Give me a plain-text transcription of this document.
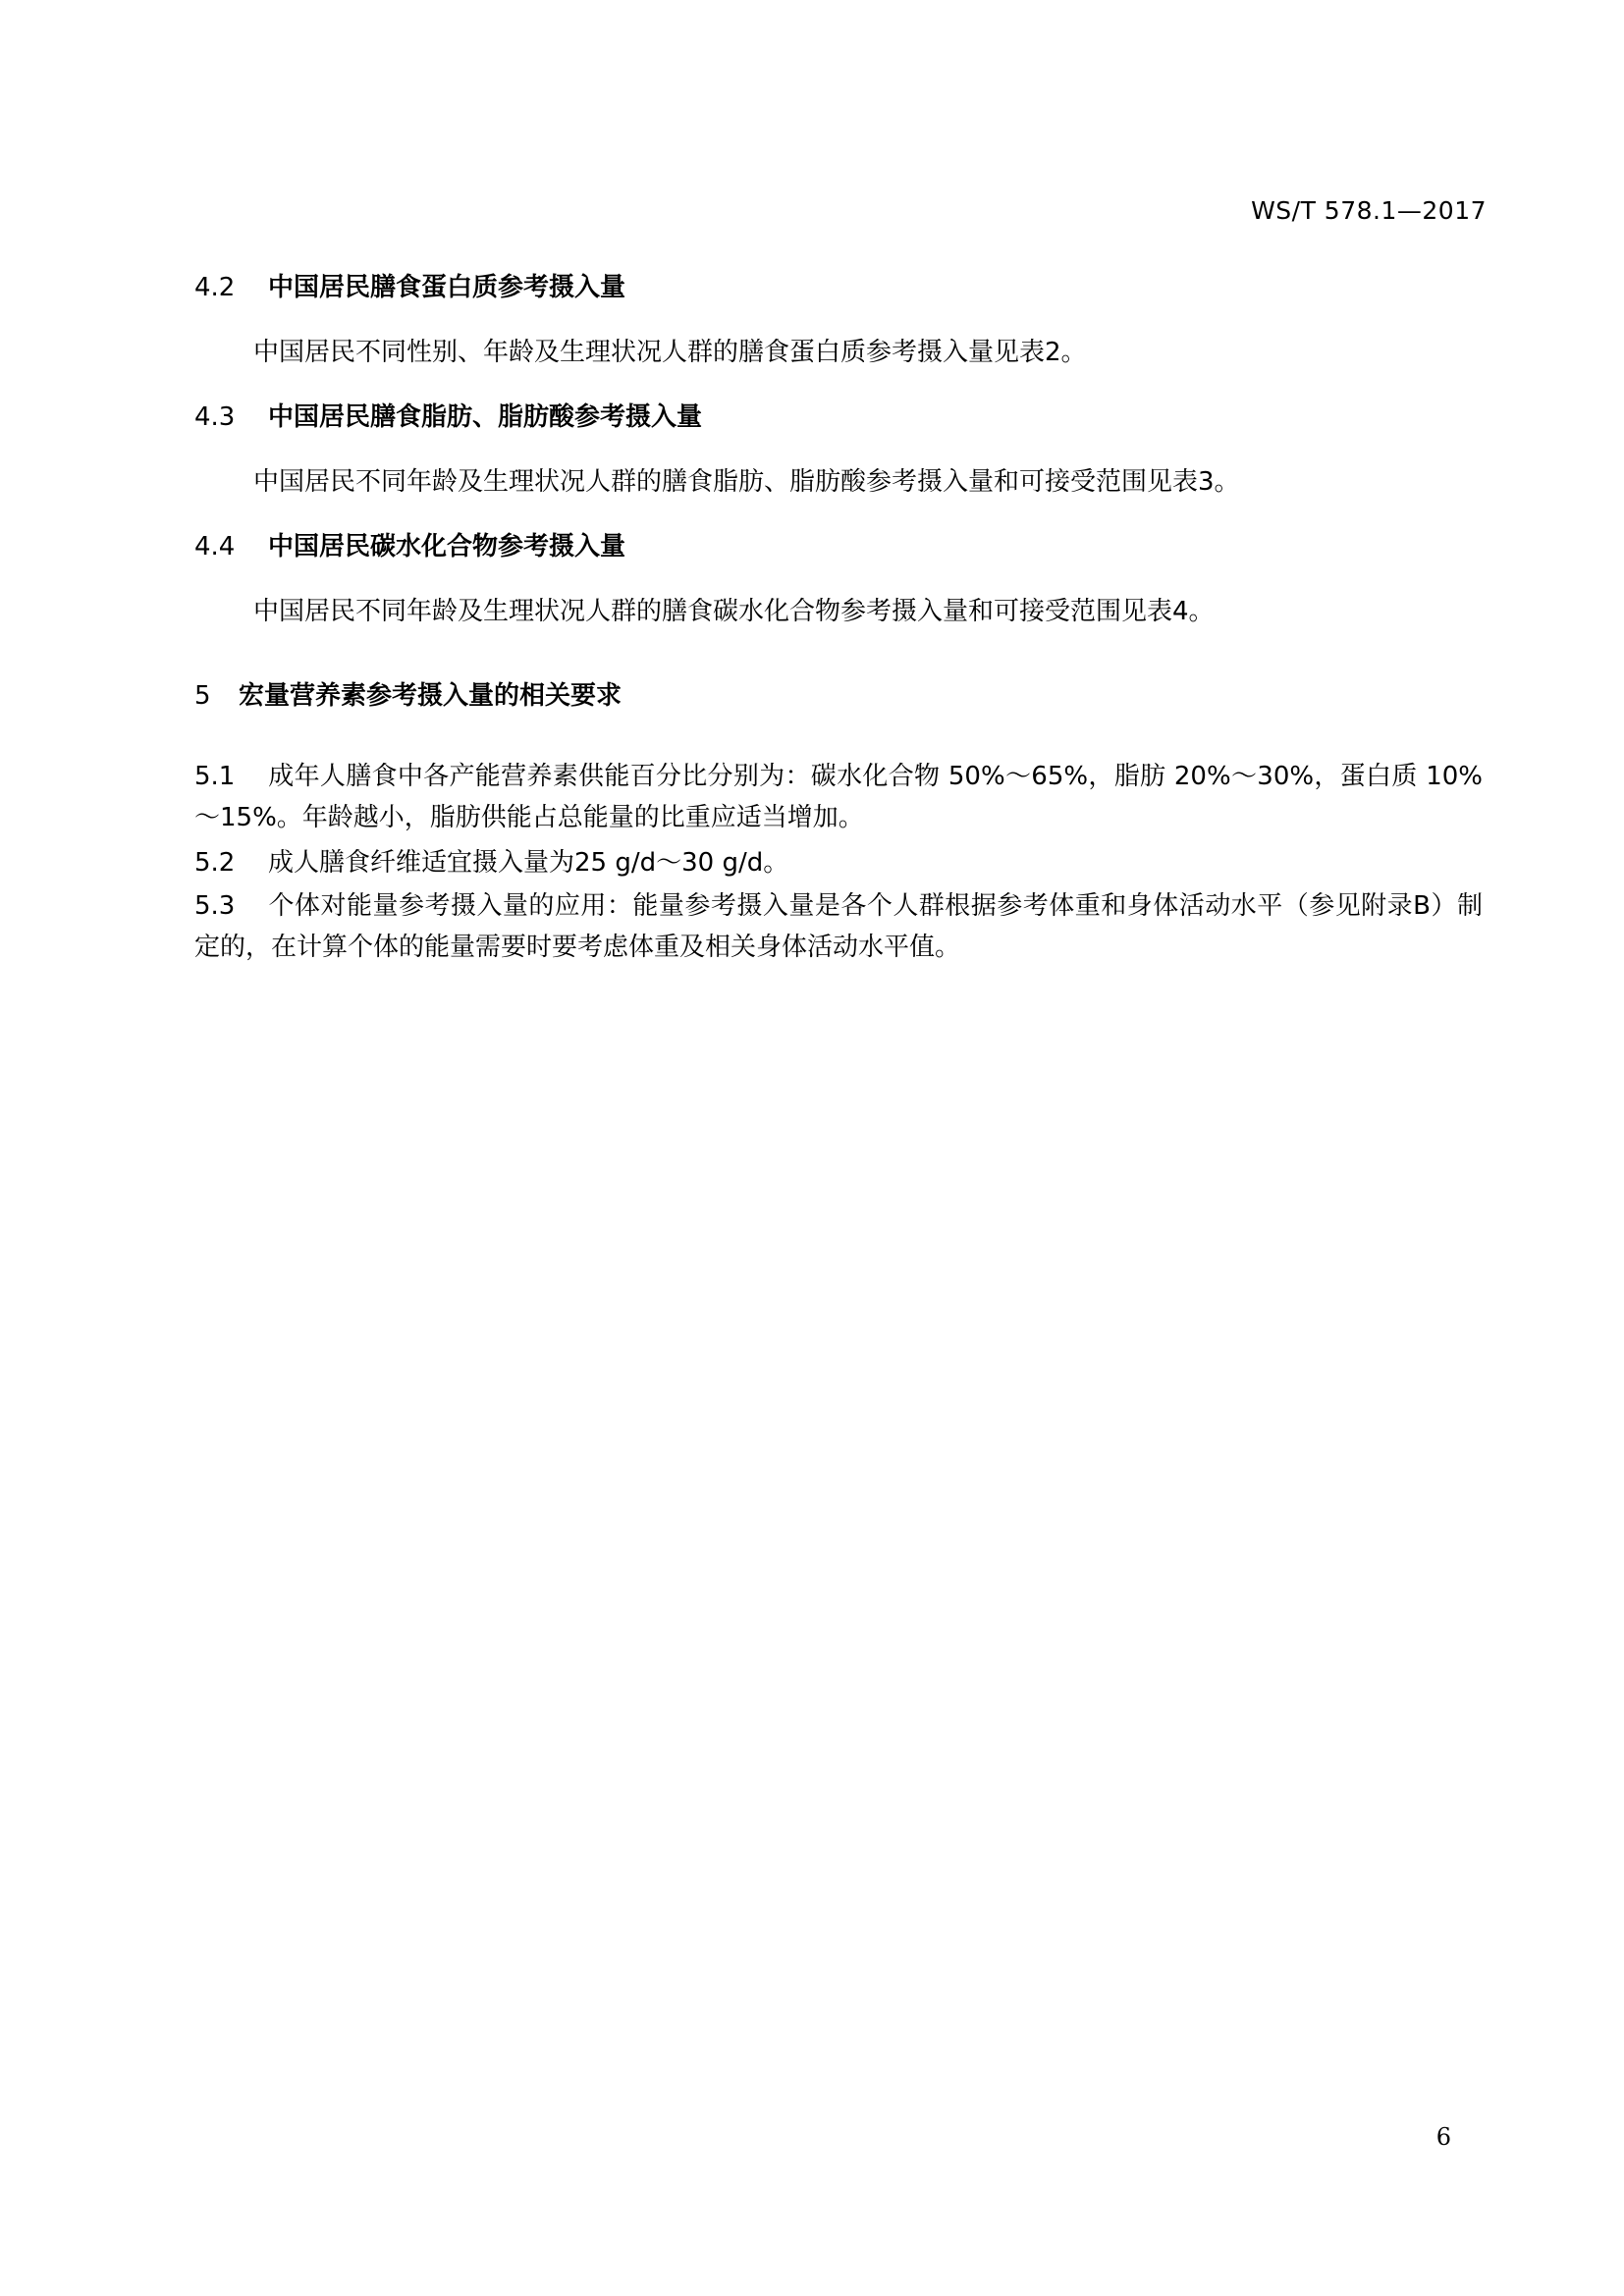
WS/T 578.1—2017
4.2 中国居民膳食蛋白质参考摄入量
中国居民不同性别、年龄及生理状况人群的膳食蛋白质参考摄入量见表2。
4.3 中国居民膳食脂肪、脂肪酸参考摄入量
中国居民不同年龄及生理状况人群的膳食脂肪、脂肪酸参考摄入量和可接受范围见表3。
4.4 中国居民碳水化合物参考摄入量
中国居民不同年龄及生理状况人群的膳食碳水化合物参考摄入量和可接受范围见表4。
5 宏量营养素参考摄入量的相关要求
5.1 成年人膳食中各产能营养素供能百分比分别为：碳水化合物 50%～65%，脂肪 20%～30%，蛋白质 10%～15%。年龄越小，脂肪供能占总能量的比重应适当增加。
5.2 成人膳食纤维适宜摄入量为25 g/d～30 g/d。
5.3 个体对能量参考摄入量的应用：能量参考摄入量是各个人群根据参考体重和身体活动水平（参见附录B）制定的，在计算个体的能量需要时要考虑体重及相关身体活动水平值。
6
